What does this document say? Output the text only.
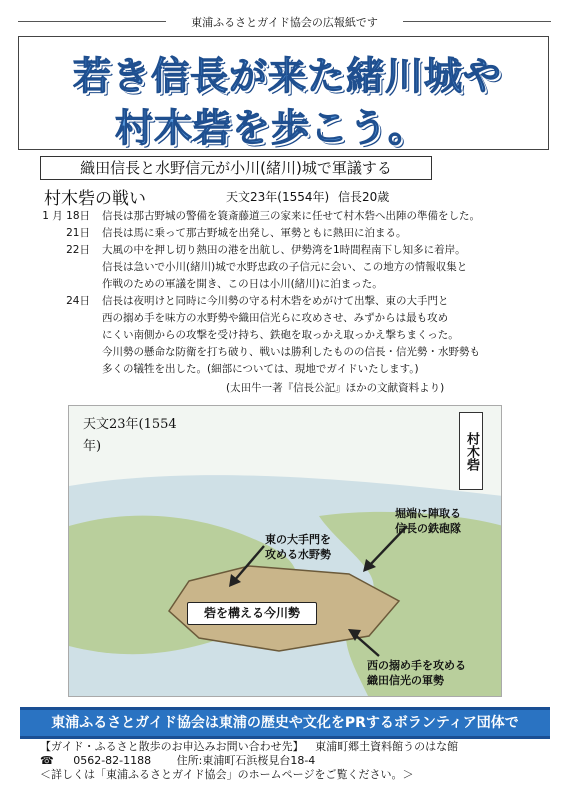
東浦ふるさとガイド協会の広報紙です
若き信長が来た緒川城や
村木砦を歩こう。
織田信長と水野信元が小川(緒川)城で軍議する
村木砦の戦い	天文23年(1554年) 信長20歳
1 月 18日 信長は那古野城の警備を簑斎藤道三の家来に任せて村木砦へ出陣の準備をした。
21日 信長は馬に乗って那古野城を出発し、軍勢ともに熱田に泊まる。
22日 大風の中を押し切り熱田の港を出航し、伊勢湾を1時間程南下し知多に着岸。
信長は急いで小川(緒川)城で水野忠政の子信元に会い、この地方の情報収集と
作戦のための軍議を開き、この日は小川(緒川)に泊まった。
24日 信長は夜明けと同時に今川勢の守る村木砦をめがけて出撃、東の大手門と
西の搦め手を味方の水野勢や織田信光らに攻めさせ、みずからは最も攻め
にくい南側からの攻撃を受け持ち、鉄砲を取っかえ取っかえ撃ちまくった。
今川勢の懸命な防衛を打ち破り、戦いは勝利したものの信長・信光勢・水野勢も
多くの犠牲を出した。(細部については、現地でガイドいたします。)
(太田牛一著『信長公記』ほかの文献資料より)
天文23年(1554
年)	村木砦
東の大手門を
攻める水野勢
堀端に陣取る
信長の鉄砲隊
砦を構える今川勢
西の搦め手を攻める
織田信光の軍勢
東浦ふるさとガイド協会は東浦の歴史や文化をPRするボランティア団体で
【ガイド・ふるさと散歩のお申込みお問い合わせ先】 東浦町郷土資料館うのはな館
☎ 0562-82-1188 住所:東浦町石浜桜見台18-4
＜詳しくは「東浦ふるさとガイド協会」のホームページをご覧ください。＞
